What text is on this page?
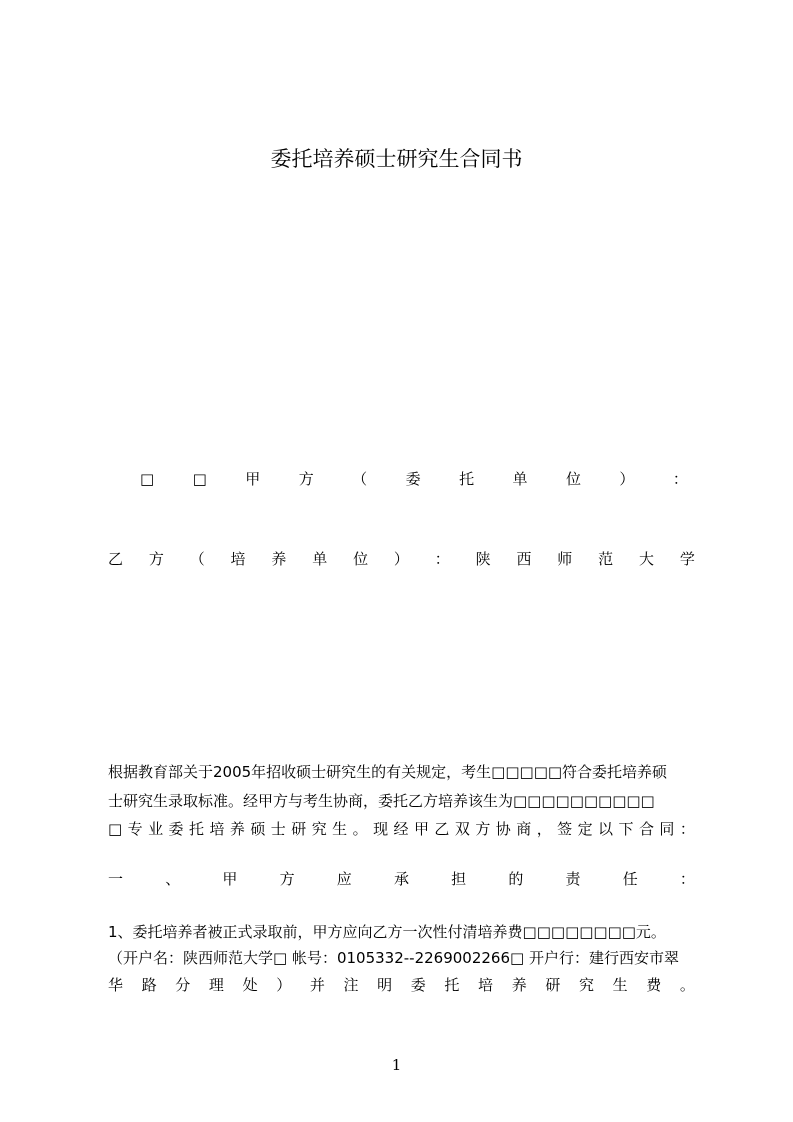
委托培养硕士研究生合同书
□	□	甲	方	（	委	托	单	位	）	：
乙 方 （ 培 养 单 位 ） ： 陕 西 师 范 大 学
根据教育部关于2005年招收硕士研究生的有关规定，考生□□□□□符合委托培养硕
士研究生录取标准。经甲方与考生协商，委托乙方培养该生为□□□□□□□□□□
□ 专 业 委 托 培 养 硕 士 研 究 生 。 现 经 甲 乙 双 方 协 商 ， 签 定 以 下 合 同 ：
一	、	甲	方	应	承	担	的	责	任	：
1、委托培养者被正式录取前，甲方应向乙方一次性付清培养费□□□□□□□□元。
（开户名：陕西师范大学□ 帐号：0105332--2269002266□ 开户行：建行西安市翠
华 路 分 理 处 ） 并 注 明 委 托 培 养 研 究 生 费 。
1
